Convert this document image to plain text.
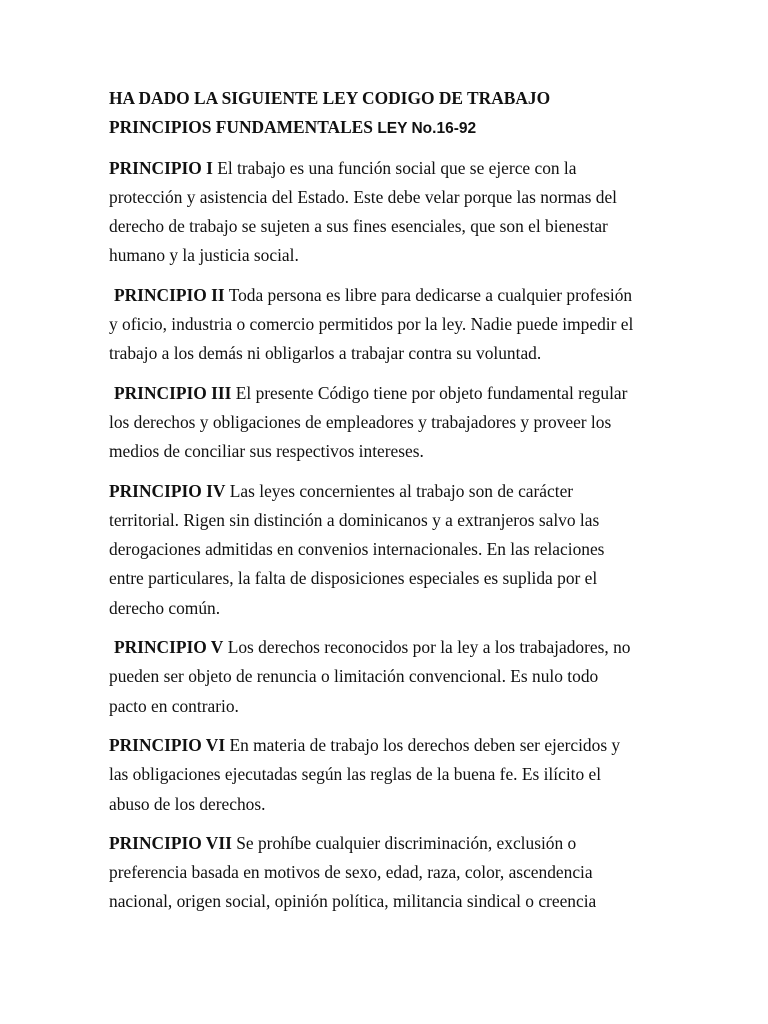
HA DADO LA SIGUIENTE LEY CODIGO DE TRABAJO
PRINCIPIOS FUNDAMENTALES LEY No.16-92

PRINCIPIO I El trabajo es una función social que se ejerce con la protección y asistencia del Estado. Este debe velar porque las normas del derecho de trabajo se sujeten a sus fines esenciales, que son el bienestar humano y la justicia social.

PRINCIPIO II Toda persona es libre para dedicarse a cualquier profesión y oficio, industria o comercio permitidos por la ley. Nadie puede impedir el trabajo a los demás ni obligarlos a trabajar contra su voluntad.

PRINCIPIO III El presente Código tiene por objeto fundamental regular los derechos y obligaciones de empleadores y trabajadores y proveer los medios de conciliar sus respectivos intereses.

PRINCIPIO IV Las leyes concernientes al trabajo son de carácter territorial. Rigen sin distinción a dominicanos y a extranjeros salvo las derogaciones admitidas en convenios internacionales. En las relaciones entre particulares, la falta de disposiciones especiales es suplida por el derecho común.

PRINCIPIO V Los derechos reconocidos por la ley a los trabajadores, no pueden ser objeto de renuncia o limitación convencional. Es nulo todo pacto en contrario.

PRINCIPIO VI En materia de trabajo los derechos deben ser ejercidos y las obligaciones ejecutadas según las reglas de la buena fe. Es ilícito el abuso de los derechos.

PRINCIPIO VII Se prohíbe cualquier discriminación, exclusión o preferencia basada en motivos de sexo, edad, raza, color, ascendencia nacional, origen social, opinión política, militancia sindical o creencia
